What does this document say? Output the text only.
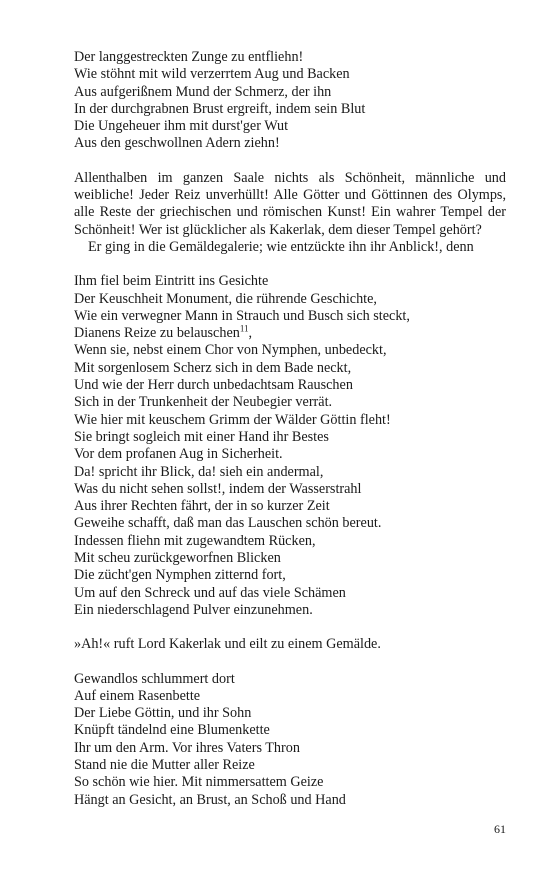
Der langgestreckten Zunge zu entfliehn!
Wie stöhnt mit wild verzerrtem Aug und Backen
Aus aufgerißnem Mund der Schmerz, der ihn
In der durchgrabnen Brust ergreift, indem sein Blut
Die Ungeheuer ihm mit durst'ger Wut
Aus den geschwollnen Adern ziehn!

Allenthalben im ganzen Saale nichts als Schönheit, männliche und weibliche! Jeder Reiz unverhüllt! Alle Götter und Göttinnen des Olymps, alle Reste der griechischen und römischen Kunst! Ein wahrer Tempel der Schönheit! Wer ist glücklicher als Kakerlak, dem dieser Tempel gehört?

Er ging in die Gemäldegalerie; wie entzückte ihn ihr Anblick!, denn
Ihm fiel beim Eintritt ins Gesichte
Der Keuschheit Monument, die rührende Geschichte,
Wie ein verwegner Mann in Strauch und Busch sich steckt,
Dianens Reize zu belauschen$^{11}$,
Wenn sie, nebst einem Chor von Nymphen, unbedeckt,
Mit sorgenlosem Scherz sich in dem Bade neckt,
Und wie der Herr durch unbedachtsam Rauschen
Sich in der Trunkenheit der Neubegier verrät.
Wie hier mit keuschem Grimm der Wälder Göttin fleht!
Sie bringt sogleich mit einer Hand ihr Bestes
Vor dem profanen Aug in Sicherheit.
Da! spricht ihr Blick, da! sieh ein andermal,
Was du nicht sehen sollst!, indem der Wasserstrahl
Aus ihrer Rechten fährt, der in so kurzer Zeit
Geweihe schafft, daß man das Lauschen schön bereut.
Indessen fliehn mit zugewandtem Rücken,
Mit scheu zurückgeworfnen Blicken
Die zücht'gen Nymphen zitternd fort,
Um auf den Schreck und auf das viele Schämen
Ein niederschlagend Pulver einzunehmen.
»Ah!« ruft Lord Kakerlak und eilt zu einem Gemälde.
Gewandlos schlummert dort
Auf einem Rasenbette
Der Liebe Göttin, und ihr Sohn
Knüpft tändelnd eine Blumenkette
Ihr um den Arm. Vor ihres Vaters Thron
Stand nie die Mutter aller Reize
So schön wie hier. Mit nimmersattem Geize
Hängt an Gesicht, an Brust, an Schoß und Hand
61
